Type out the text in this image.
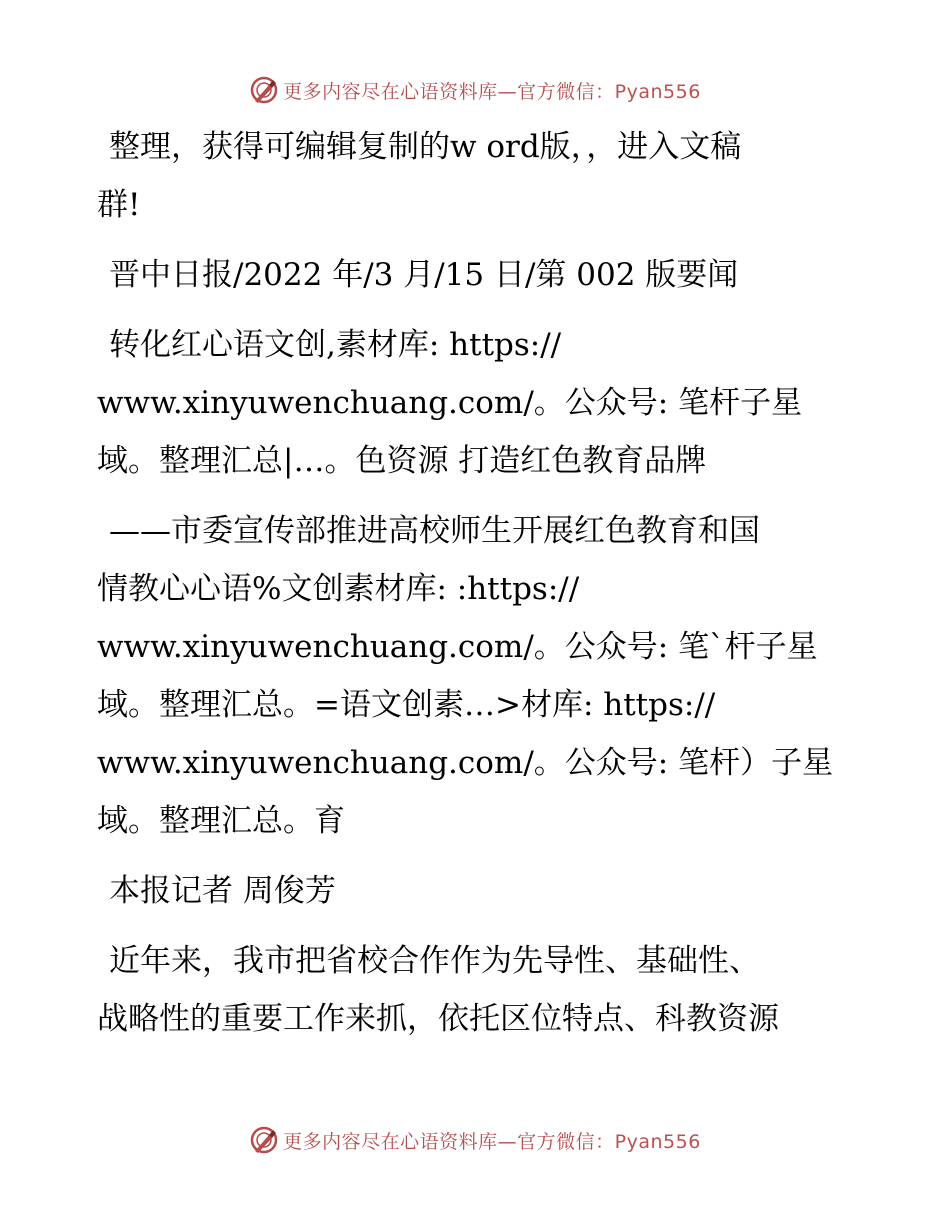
更多内容尽在心语资料库—官方微信：Pyan556
整理，获得可编辑复制的w ord版，，进入文稿
群!
晋中日报/2022 年/3 月/15 日/第 002 版要闻
转化红心语文创,素材库: https://
www.xinyuwenchuang.com/。公众号: 笔杆子星
域。整理汇总|…。色资源 打造红色教育品牌
——市委宣传部推进高校师生开展红色教育和国
情教心心语%文创素材库: :https://
www.xinyuwenchuang.com/。公众号: 笔`杆子星
域。整理汇总。=语文创素…>材库: https://
www.xinyuwenchuang.com/。公众号: 笔杆）子星
域。整理汇总。育
本报记者 周俊芳
近年来，我市把省校合作作为先导性、基础性、
战略性的重要工作来抓，依托区位特点、科教资源
更多内容尽在心语资料库—官方微信：Pyan556
